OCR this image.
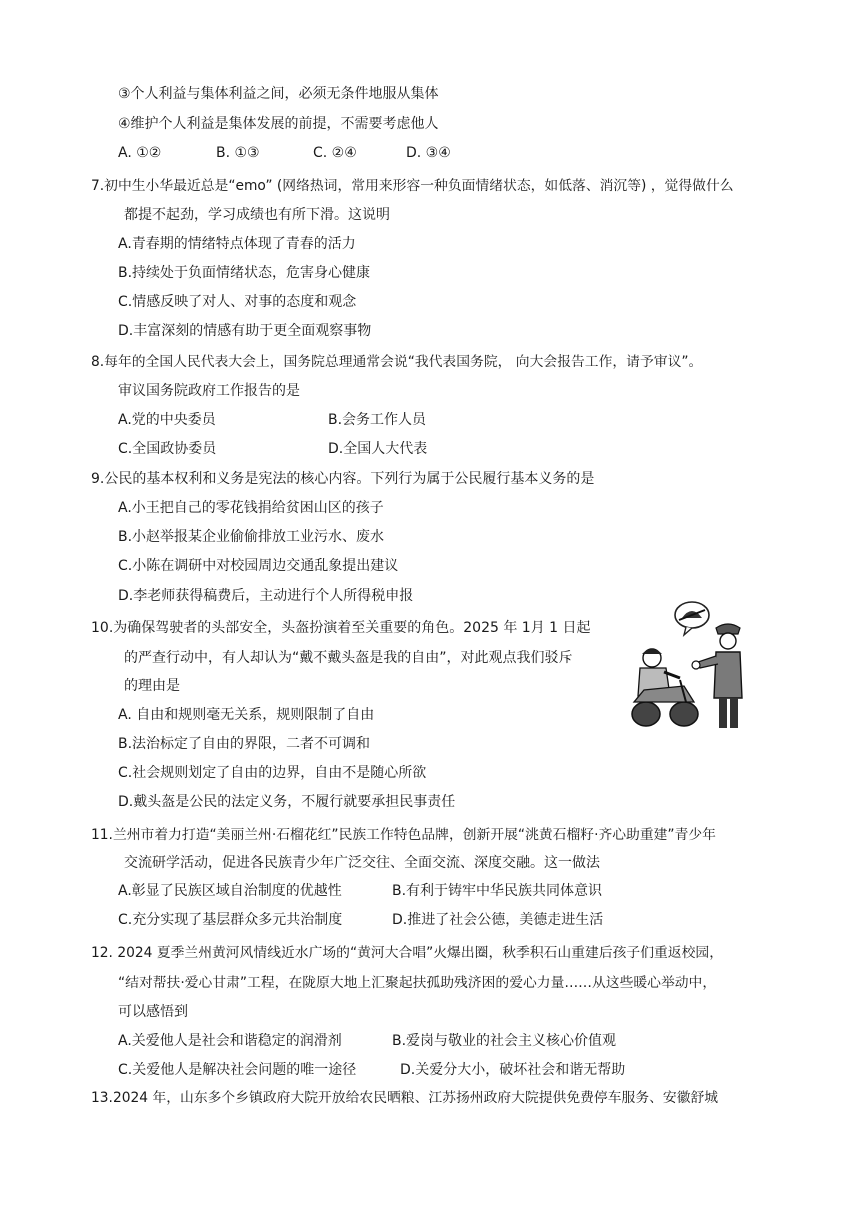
③个人利益与集体利益之间，必须无条件地服从集体
④维护个人利益是集体发展的前提，不需要考虑他人
A. ①②	B. ①③	C. ②④	D. ③④
7.初中生小华最近总是“emo” (网络热词，常用来形容一种负面情绪状态，如低落、消沉等) ，觉得做什么
都提不起劲，学习成绩也有所下滑。这说明
A.青春期的情绪特点体现了青春的活力
B.持续处于负面情绪状态，危害身心健康
C.情感反映了对人、对事的态度和观念
D.丰富深刻的情感有助于更全面观察事物
8.每年的全国人民代表大会上，国务院总理通常会说“我代表国务院， 向大会报告工作，请予审议”。
审议国务院政府工作报告的是
A.党的中央委员	B.会务工作人员
C.全国政协委员	D.全国人大代表
9.公民的基本权利和义务是宪法的核心内容。下列行为属于公民履行基本义务的是
A.小王把自己的零花钱捐给贫困山区的孩子
B.小赵举报某企业偷偷排放工业污水、废水
C.小陈在调研中对校园周边交通乱象提出建议
D.李老师获得稿费后，主动进行个人所得税申报
10.为确保驾驶者的头部安全，头盔扮演着至关重要的角色。2025 年 1月 1 日起
的严查行动中，有人却认为“戴不戴头盔是我的自由”，对此观点我们驳斥
的理由是
A. 自由和规则毫无关系，规则限制了自由
B.法治标定了自由的界限，二者不可调和
C.社会规则划定了自由的边界，自由不是随心所欲
D.戴头盔是公民的法定义务，不履行就要承担民事责任
11.兰州市着力打造“美丽兰州·石榴花红”民族工作特色品牌，创新开展“洮黄石榴籽·齐心助重建”青少年
交流研学活动，促进各民族青少年广泛交往、全面交流、深度交融。这一做法
A.彰显了民族区域自治制度的优越性	B.有利于铸牢中华民族共同体意识
C.充分实现了基层群众多元共治制度	D.推进了社会公德，美德走进生活
12. 2024 夏季兰州黄河风情线近水广场的“黄河大合唱”火爆出圈，秋季积石山重建后孩子们重返校园，
“结对帮扶·爱心甘肃”工程，在陇原大地上汇聚起扶孤助残济困的爱心力量……从这些暖心举动中，
可以感悟到
A.关爱他人是社会和谐稳定的润滑剂	B.爱岗与敬业的社会主义核心价值观
C.关爱他人是解决社会问题的唯一途径	D.关爱分大小，破坏社会和谐无帮助
13.2024 年，山东多个乡镇政府大院开放给农民晒粮、江苏扬州政府大院提供免费停车服务、安徽舒城
